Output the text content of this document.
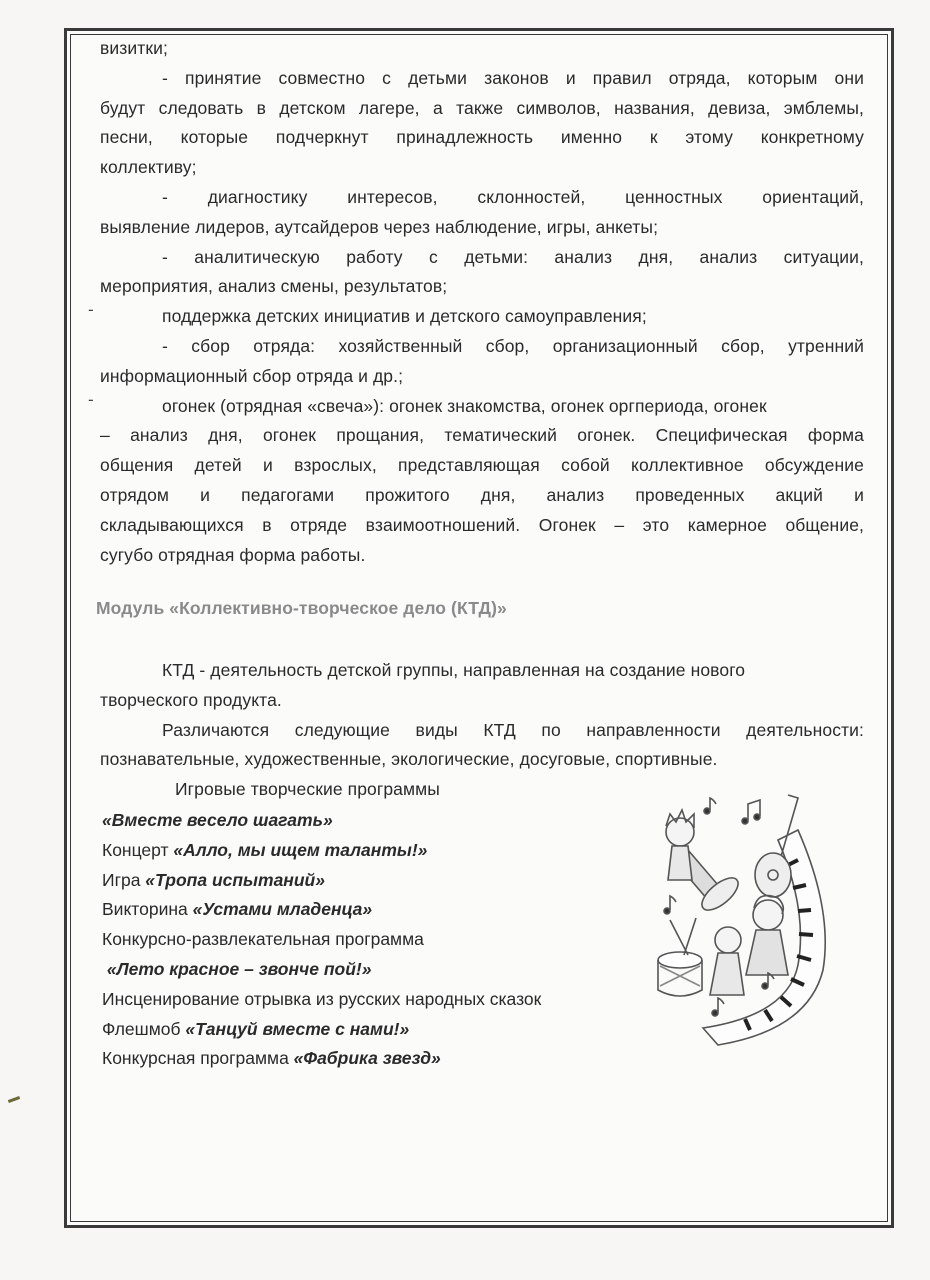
визитки;
- принятие совместно с детьми законов и правил отряда, которым они
будут следовать в детском лагере, а также символов, названия, девиза, эмблемы,
песни, которые подчеркнут принадлежность именно к этому конкретному
коллективу;
- диагностику интересов, склонностей, ценностных ориентаций,
выявление лидеров, аутсайдеров через наблюдение, игры, анкеты;
- аналитическую работу с детьми: анализ дня, анализ ситуации,
мероприятия, анализ смены, результатов;
поддержка детских инициатив и детского самоуправления;
- сбор отряда: хозяйственный сбор, организационный сбор, утренний
информационный сбор отряда и др.;
огонек (отрядная «свеча»): огонек знакомства, огонек оргпериода, огонек
– анализ дня, огонек прощания, тематический огонек. Специфическая форма
общения детей и взрослых, представляющая собой коллективное обсуждение
отрядом и педагогами прожитого дня, анализ проведенных акций и
складывающихся в отряде взаимоотношений. Огонек – это камерное общение,
сугубо отрядная форма работы.
-
-
Модуль «Коллективно-творческое дело (КТД)»
КТД - деятельность детской группы, направленная на создание нового
творческого продукта.
Различаются следующие виды КТД по направленности деятельности:
познавательные, художественные, экологические, досуговые, спортивные.
Игровые творческие программы
«Вместе весело шагать»
Концерт «Алло, мы ищем таланты!»
Игра «Тропа испытаний»
Викторина «Устами младенца»
Конкурсно-развлекательная программа
«Лето красное – звонче пой!»
Инсценирование отрывка из русских народных сказок
Флешмоб «Танцуй вместе с нами!»
Конкурсная программа «Фабрика звезд»
